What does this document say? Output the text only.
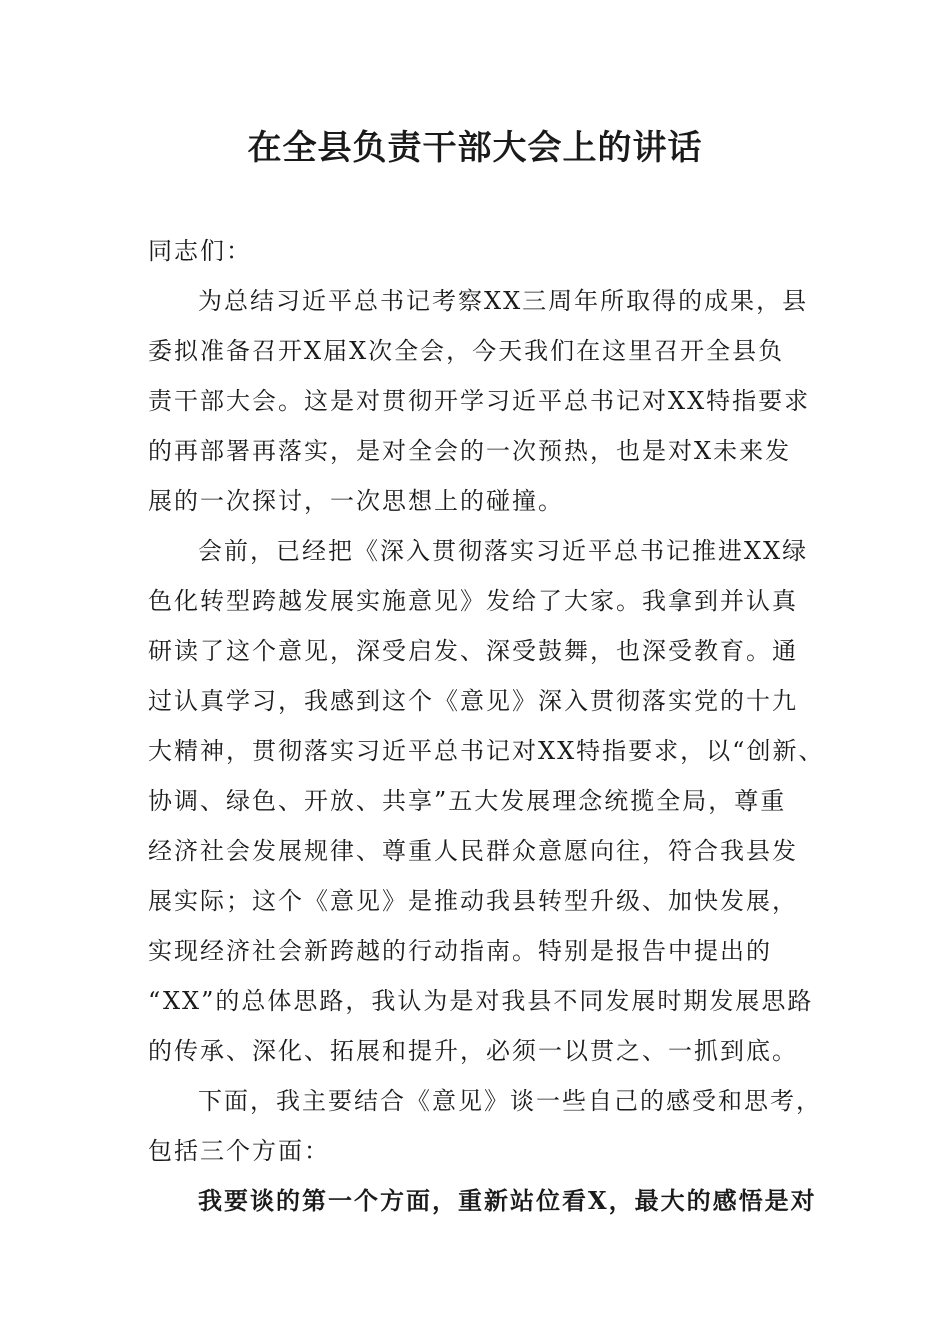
在全县负责干部大会上的讲话
同志们：
为总结习近平总书记考察XX三周年所取得的成果，县
委拟准备召开X届X次全会，今天我们在这里召开全县负
责干部大会。这是对贯彻开学习近平总书记对XX特指要求
的再部署再落实，是对全会的一次预热，也是对X未来发
展的一次探讨，一次思想上的碰撞。
会前，已经把《深入贯彻落实习近平总书记推进XX绿
色化转型跨越发展实施意见》发给了大家。我拿到并认真
研读了这个意见，深受启发、深受鼓舞，也深受教育。通
过认真学习，我感到这个《意见》深入贯彻落实党的十九
大精神，贯彻落实习近平总书记对XX特指要求，以“创新、
协调、绿色、开放、共享”五大发展理念统揽全局，尊重
经济社会发展规律、尊重人民群众意愿向往，符合我县发
展实际；这个《意见》是推动我县转型升级、加快发展，
实现经济社会新跨越的行动指南。特别是报告中提出的
“XX”的总体思路，我认为是对我县不同发展时期发展思路
的传承、深化、拓展和提升，必须一以贯之、一抓到底。
下面，我主要结合《意见》谈一些自己的感受和思考，
包括三个方面：
我要谈的第一个方面，重新站位看X，最大的感悟是对
